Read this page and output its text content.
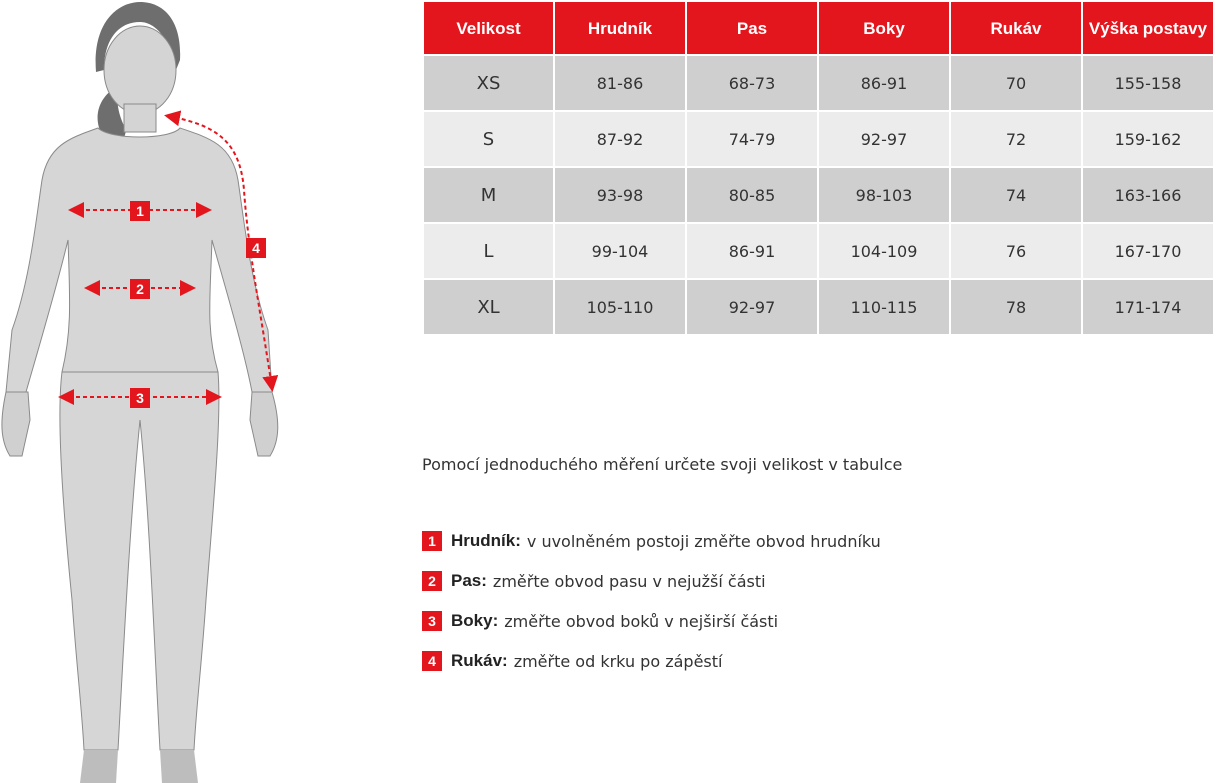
1
2
3
4
Velikost	Hrudník	Pas	Boky	Rukáv	Výška postavy
XS	81-86	68-73	86-91	70	155-158
S	87-92	74-79	92-97	72	159-162
M	93-98	80-85	98-103	74	163-166
L	99-104	86-91	104-109	76	167-170
XL	105-110	92-97	110-115	78	171-174
Pomocí jednoduchého měření určete svoji velikost v tabulce
1 Hrudník: v uvolněném postoji změřte obvod hrudníku
2 Pas: změřte obvod pasu v nejužší části
3 Boky: změřte obvod boků v nejširší části
4 Rukáv: změřte od krku po zápěstí
